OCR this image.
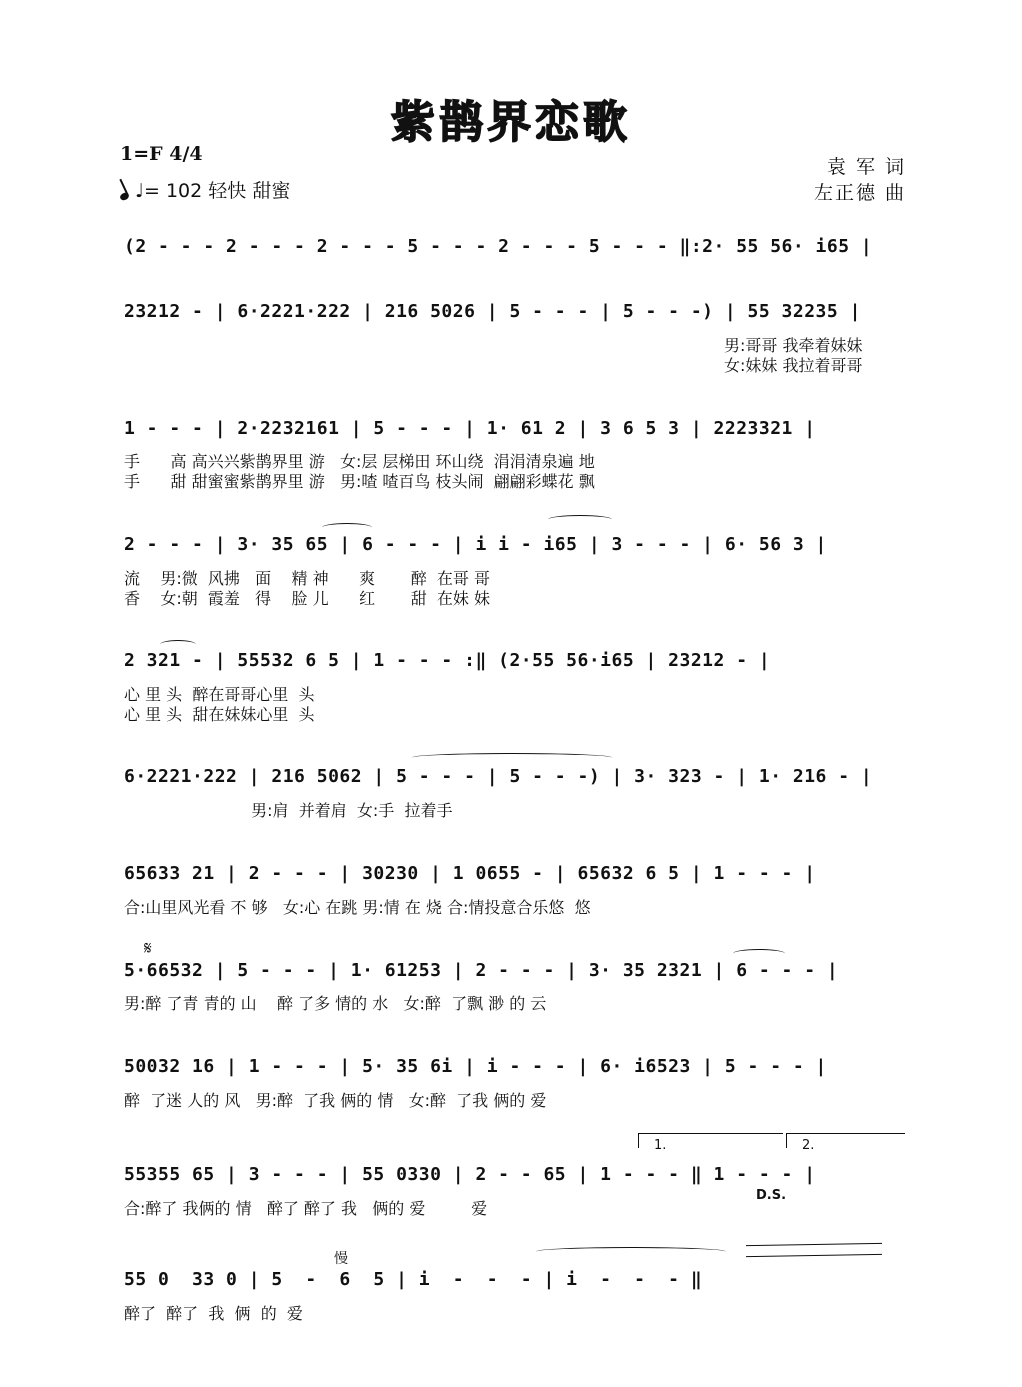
紫鹊界恋歌
1=F 4/4
♩= 102 轻快 甜蜜
袁 军 词
左正德 曲
(2 - - - 2 - - - 2 - - - 5 - - - 2 - - - 5 - - - ‖:2· 55 56· i65 |
23212 - | 6·2221·222 | 216 5026 | 5 - - - | 5 - - -) | 55 32235 |
男:哥哥 我牵着妹妹
女:妹妹 我拉着哥哥
1 - - - | 2·2232161 | 5 - - - | 1· 61 2 | 3 6 5 3 | 2223321 |
手      高 高兴兴紫鹊界里 游   女:层 层梯田 环山绕  涓涓清泉遍 地
手      甜 甜蜜蜜紫鹊界里 游   男:喳 喳百鸟 枝头闹  翩翩彩蝶花 飘
2 - - - | 3· 35 65 | 6 - - - | i i - i65 | 3 - - - | 6· 56 3 |
流    男:微  风拂   面    精 神      爽       醉  在哥 哥
香    女:朝  霞羞   得    脸 儿      红       甜  在妹 妹
2 321 - | 55532 6 5 | 1 - - - :‖ (2·55 56·i65 | 23212 - |
心 里 头  醉在哥哥心里  头
心 里 头  甜在妹妹心里  头
6·2221·222 | 216 5062 | 5 - - - | 5 - - -) | 3· 323 - | 1· 216 - |
男:肩  并着肩  女:手  拉着手
65633 21 | 2 - - - | 30230 | 1 0655 - | 65632 6 5 | 1 - - - |
合:山里风光看 不 够   女:心 在跳 男:情 在 烧 合:情投意合乐悠  悠
𝄋
5·66532 | 5 - - - | 1· 61253 | 2 - - - | 3· 35 2321 | 6 - - - |
男:醉 了青 青的 山    醉 了多 情的 水   女:醉  了飘 渺 的 云
50032 16 | 1 - - - | 5· 35 6i | i - - - | 6· i6523 | 5 - - - |
醉  了迷 人的 风   男:醉  了我 俩的 情   女:醉  了我 俩的 爱
1.	2.
55355 65 | 3 - - - | 55 0330 | 2 - - 65 | 1 - - - ‖ 1 - - - |
D.S.
合:醉了 我俩的 情   醉了 醉了 我   俩的 爱         爱
慢
55 0  33 0 | 5  -  6  5 | i  -  -  - | i  -  -  - ‖
醉了  醉了  我  俩  的  爱
